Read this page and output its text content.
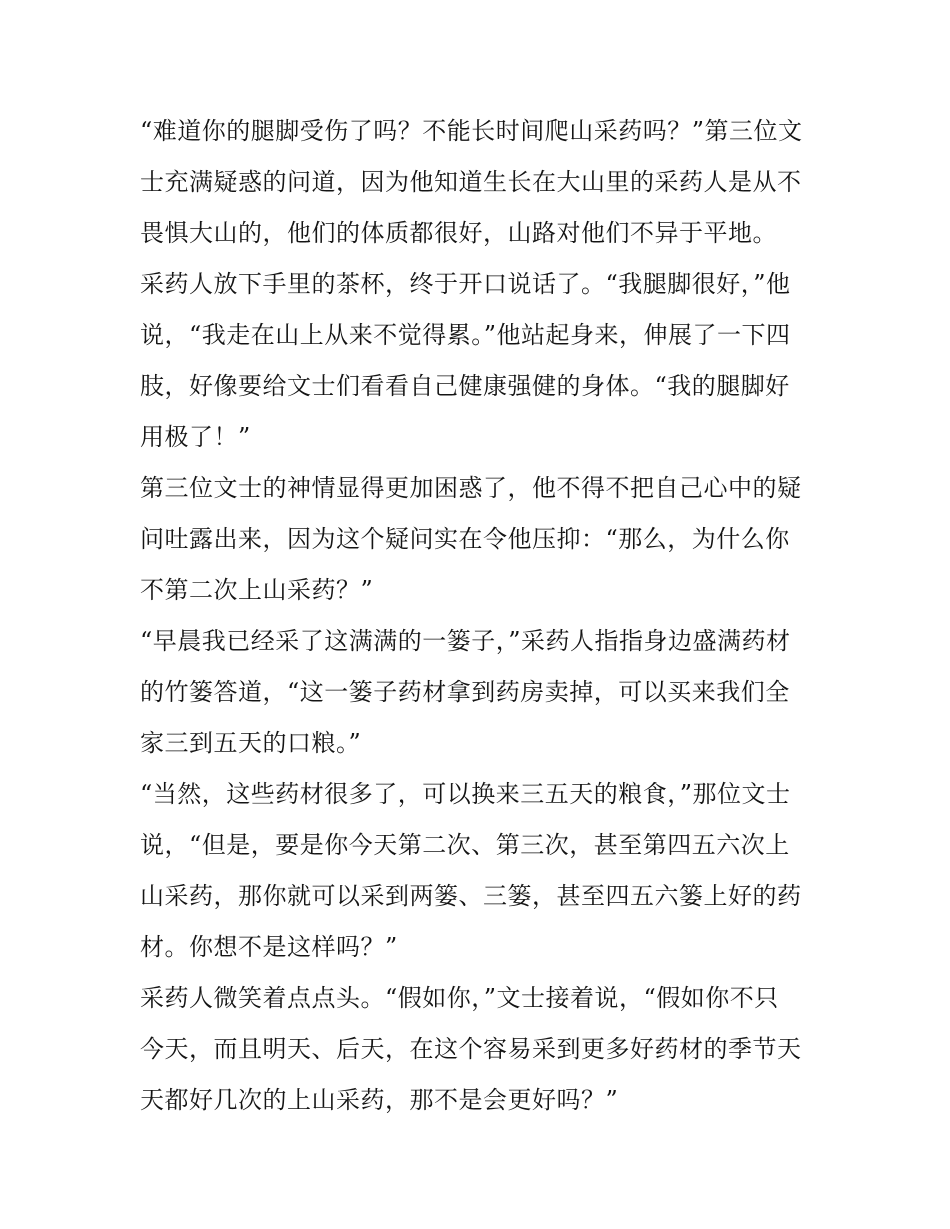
“难道你的腿脚受伤了吗？不能长时间爬山采药吗？”第三位文
士充满疑惑的问道，因为他知道生长在大山里的采药人是从不
畏惧大山的，他们的体质都很好，山路对他们不异于平地。
采药人放下手里的茶杯，终于开口说话了。“我腿脚很好，”他
说，“我走在山上从来不觉得累。”他站起身来，伸展了一下四
肢，好像要给文士们看看自己健康强健的身体。“我的腿脚好
用极了！”
第三位文士的神情显得更加困惑了，他不得不把自己心中的疑
问吐露出来，因为这个疑问实在令他压抑：“那么，为什么你
不第二次上山采药？”
“早晨我已经采了这满满的一篓子，”采药人指指身边盛满药材
的竹篓答道，“这一篓子药材拿到药房卖掉，可以买来我们全
家三到五天的口粮。”
“当然，这些药材很多了，可以换来三五天的粮食，”那位文士
说，“但是，要是你今天第二次、第三次，甚至第四五六次上
山采药，那你就可以采到两篓、三篓，甚至四五六篓上好的药
材。你想不是这样吗？”
采药人微笑着点点头。“假如你，”文士接着说，“假如你不只
今天，而且明天、后天，在这个容易采到更多好药材的季节天
天都好几次的上山采药，那不是会更好吗？”
